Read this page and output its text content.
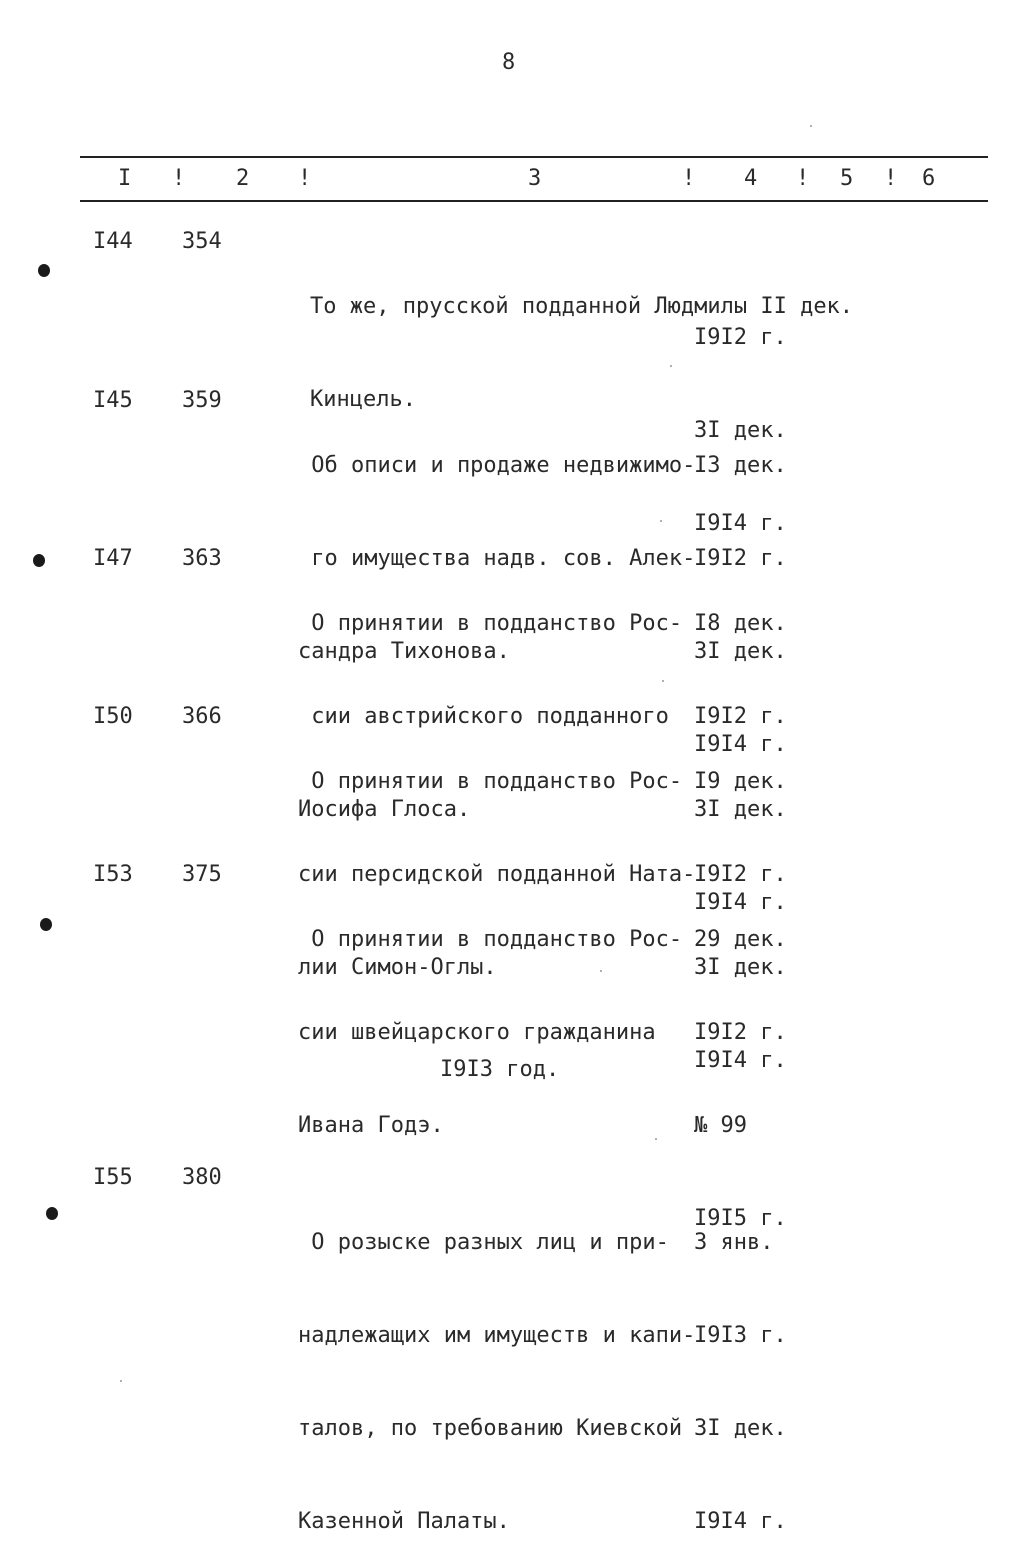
8
I ! 2 !	3	! 4 ! 5 ! 6
I44 354

То же, прусской подданной Людмилы II дек.

Кинцель.

I9I2 г.

3I дек.

I9I4 г.

I45 359

Об описи и продаже недвижимо-

го имущества надв. сов. Алек-

сандра Тихонова.

I3 дек.

I9I2 г.

3I дек.

I9I4 г.

I47 363

О принятии в подданство Рос-

сии австрийского подданного

Иосифа Глоса.

I8 дек.

I9I2 г.

3I дек.

I9I4 г.

I50 366

О принятии в подданство Рос-

сии персидской подданной Ната-

лии Симон-Оглы.

I9 дек.

I9I2 г.

3I дек.

I9I4 г.

I53 375

О принятии в подданство Рос-

сии швейцарского гражданина

Ивана Годэ.

29 дек.

I9I2 г.

№ 99

I9I5 г.

I9I3 год.
I55 380

О розыске разных лиц и при-

надлежащих им имуществ и капи-

талов, по требованию Киевской

Казенной Палаты.

3 янв.

I9I3 г.

3I дек.

I9I4 г.
